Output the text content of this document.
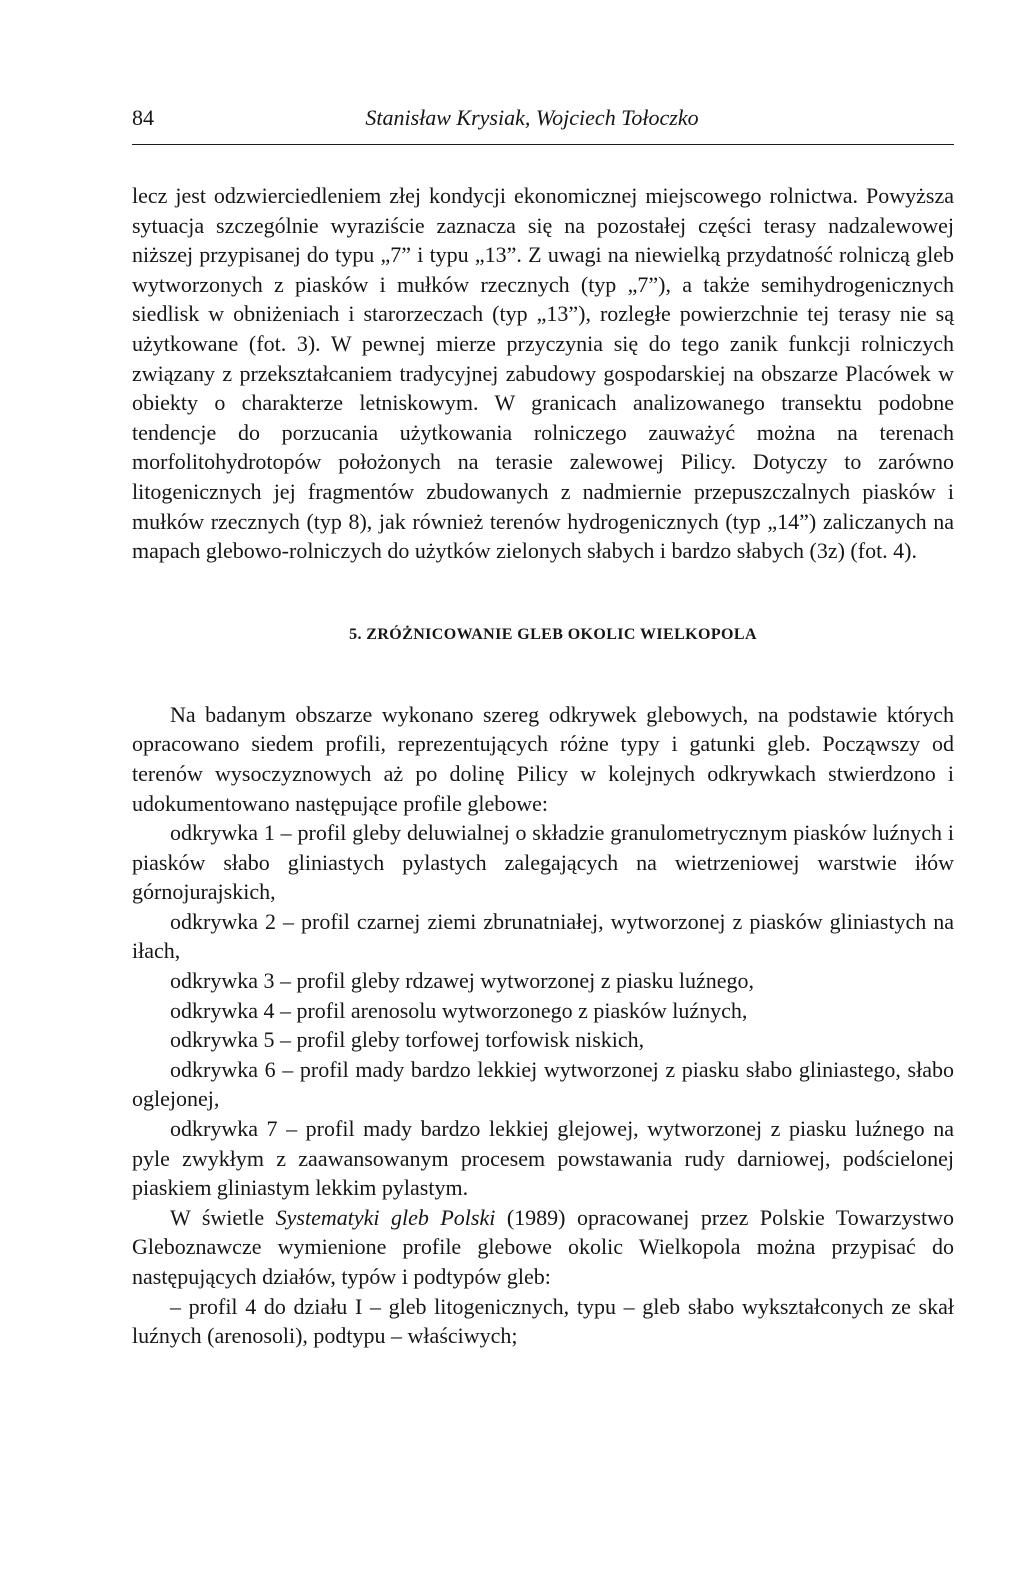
84	Stanisław Krysiak, Wojciech Tołoczko

lecz jest odzwierciedleniem złej kondycji ekonomicznej miejscowego rolnictwa. Powyższa sytuacja szczególnie wyraziście zaznacza się na pozostałej części terasy nadzalewowej niższej przypisanej do typu „7” i typu „13”. Z uwagi na niewielką przydatność rolniczą gleb wytworzonych z piasków i mułków rzecznych (typ „7”), a także semihydrogenicznych siedlisk w obniżeniach i starorzeczach (typ „13”), rozległe powierzchnie tej terasy nie są użytkowane (fot. 3). W pewnej mierze przyczynia się do tego zanik funkcji rolniczych związany z przekształcaniem tradycyjnej zabudowy gospodarskiej na obszarze Placówek w obiekty o charakterze letniskowym. W granicach analizowanego transektu podobne tendencje do porzucania użytkowania rolniczego zauważyć można na terenach morfolitohydrotopów położonych na terasie zalewowej Pilicy. Dotyczy to zarówno litogenicznych jej fragmentów zbudowanych z nadmiernie przepuszczalnych piasków i mułków rzecznych (typ 8), jak również terenów hydrogenicznych (typ „14”) zaliczanych na mapach glebowo-rolniczych do użytków zielonych słabych i bardzo słabych (3z) (fot. 4).

5. ZRÓŻNICOWANIE GLEB OKOLIC WIELKOPOLA

Na badanym obszarze wykonano szereg odkrywek glebowych, na podstawie których opracowano siedem profili, reprezentujących różne typy i gatunki gleb. Począwszy od terenów wysoczyznowych aż po dolinę Pilicy w kolejnych odkrywkach stwierdzono i udokumentowano następujące profile glebowe:

odkrywka 1 – profil gleby deluwialnej o składzie granulometrycznym piasków luźnych i piasków słabo gliniastych pylastych zalegających na wietrzeniowej warstwie iłów górnojurajskich,

odkrywka 2 – profil czarnej ziemi zbrunatniałej, wytworzonej z piasków gliniastych na iłach,

odkrywka 3 – profil gleby rdzawej wytworzonej z piasku luźnego,

odkrywka 4 – profil arenosolu wytworzonego z piasków luźnych,

odkrywka 5 – profil gleby torfowej torfowisk niskich,

odkrywka 6 – profil mady bardzo lekkiej wytworzonej z piasku słabo gliniastego, słabo oglejonej,

odkrywka 7 – profil mady bardzo lekkiej glejowej, wytworzonej z piasku luźnego na pyle zwykłym z zaawansowanym procesem powstawania rudy darniowej, podścielonej piaskiem gliniastym lekkim pylastym.

W świetle Systematyki gleb Polski (1989) opracowanej przez Polskie Towarzystwo Gleboznawcze wymienione profile glebowe okolic Wielkopola można przypisać do następujących działów, typów i podtypów gleb:

– profil 4 do działu I – gleb litogenicznych, typu – gleb słabo wykształconych ze skał luźnych (arenosoli), podtypu – właściwych;
